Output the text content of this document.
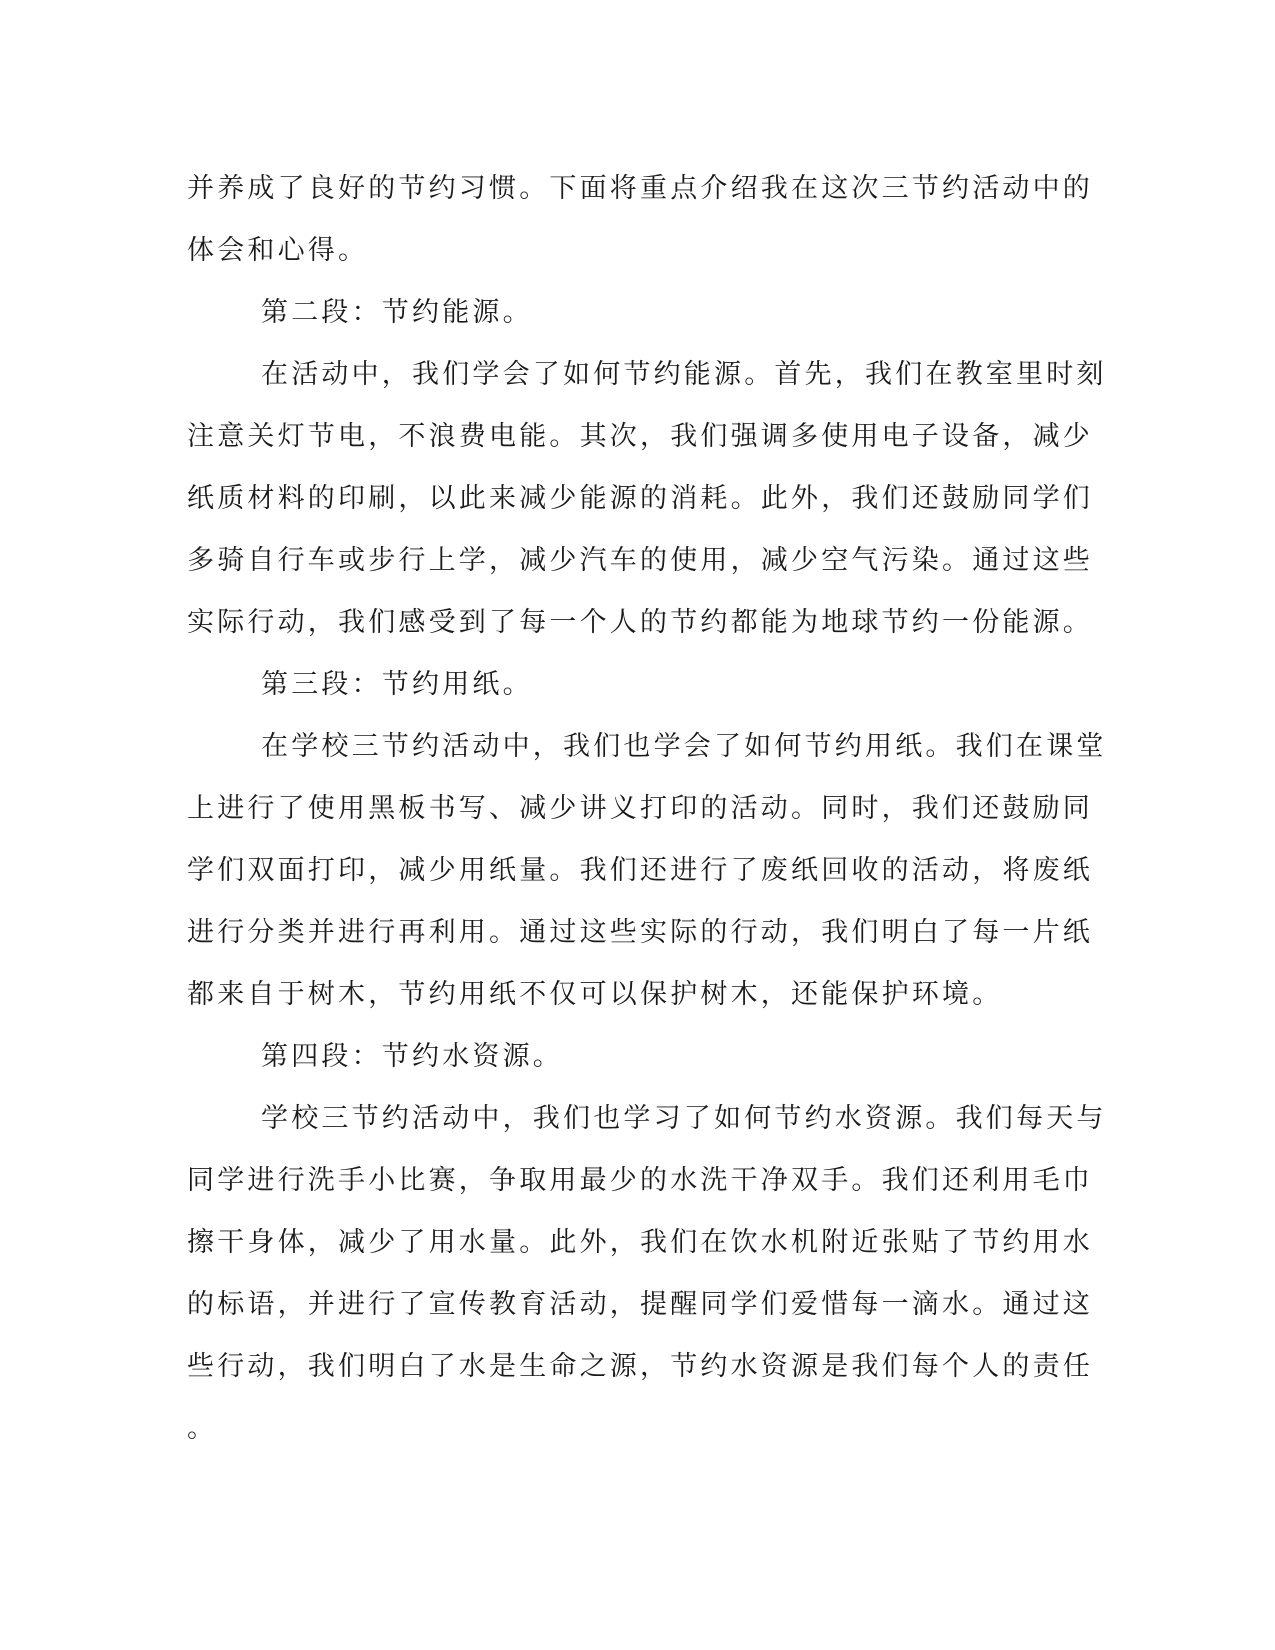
并养成了良好的节约习惯。下面将重点介绍我在这次三节约活动中的
体会和心得。

第二段：节约能源。

在活动中，我们学会了如何节约能源。首先，我们在教室里时刻
注意关灯节电，不浪费电能。其次，我们强调多使用电子设备，减少
纸质材料的印刷，以此来减少能源的消耗。此外，我们还鼓励同学们
多骑自行车或步行上学，减少汽车的使用，减少空气污染。通过这些
实际行动，我们感受到了每一个人的节约都能为地球节约一份能源。

第三段：节约用纸。

在学校三节约活动中，我们也学会了如何节约用纸。我们在课堂
上进行了使用黑板书写、减少讲义打印的活动。同时，我们还鼓励同
学们双面打印，减少用纸量。我们还进行了废纸回收的活动，将废纸
进行分类并进行再利用。通过这些实际的行动，我们明白了每一片纸
都来自于树木，节约用纸不仅可以保护树木，还能保护环境。

第四段：节约水资源。

学校三节约活动中，我们也学习了如何节约水资源。我们每天与
同学进行洗手小比赛，争取用最少的水洗干净双手。我们还利用毛巾
擦干身体，减少了用水量。此外，我们在饮水机附近张贴了节约用水
的标语，并进行了宣传教育活动，提醒同学们爱惜每一滴水。通过这
些行动，我们明白了水是生命之源，节约水资源是我们每个人的责任
。
